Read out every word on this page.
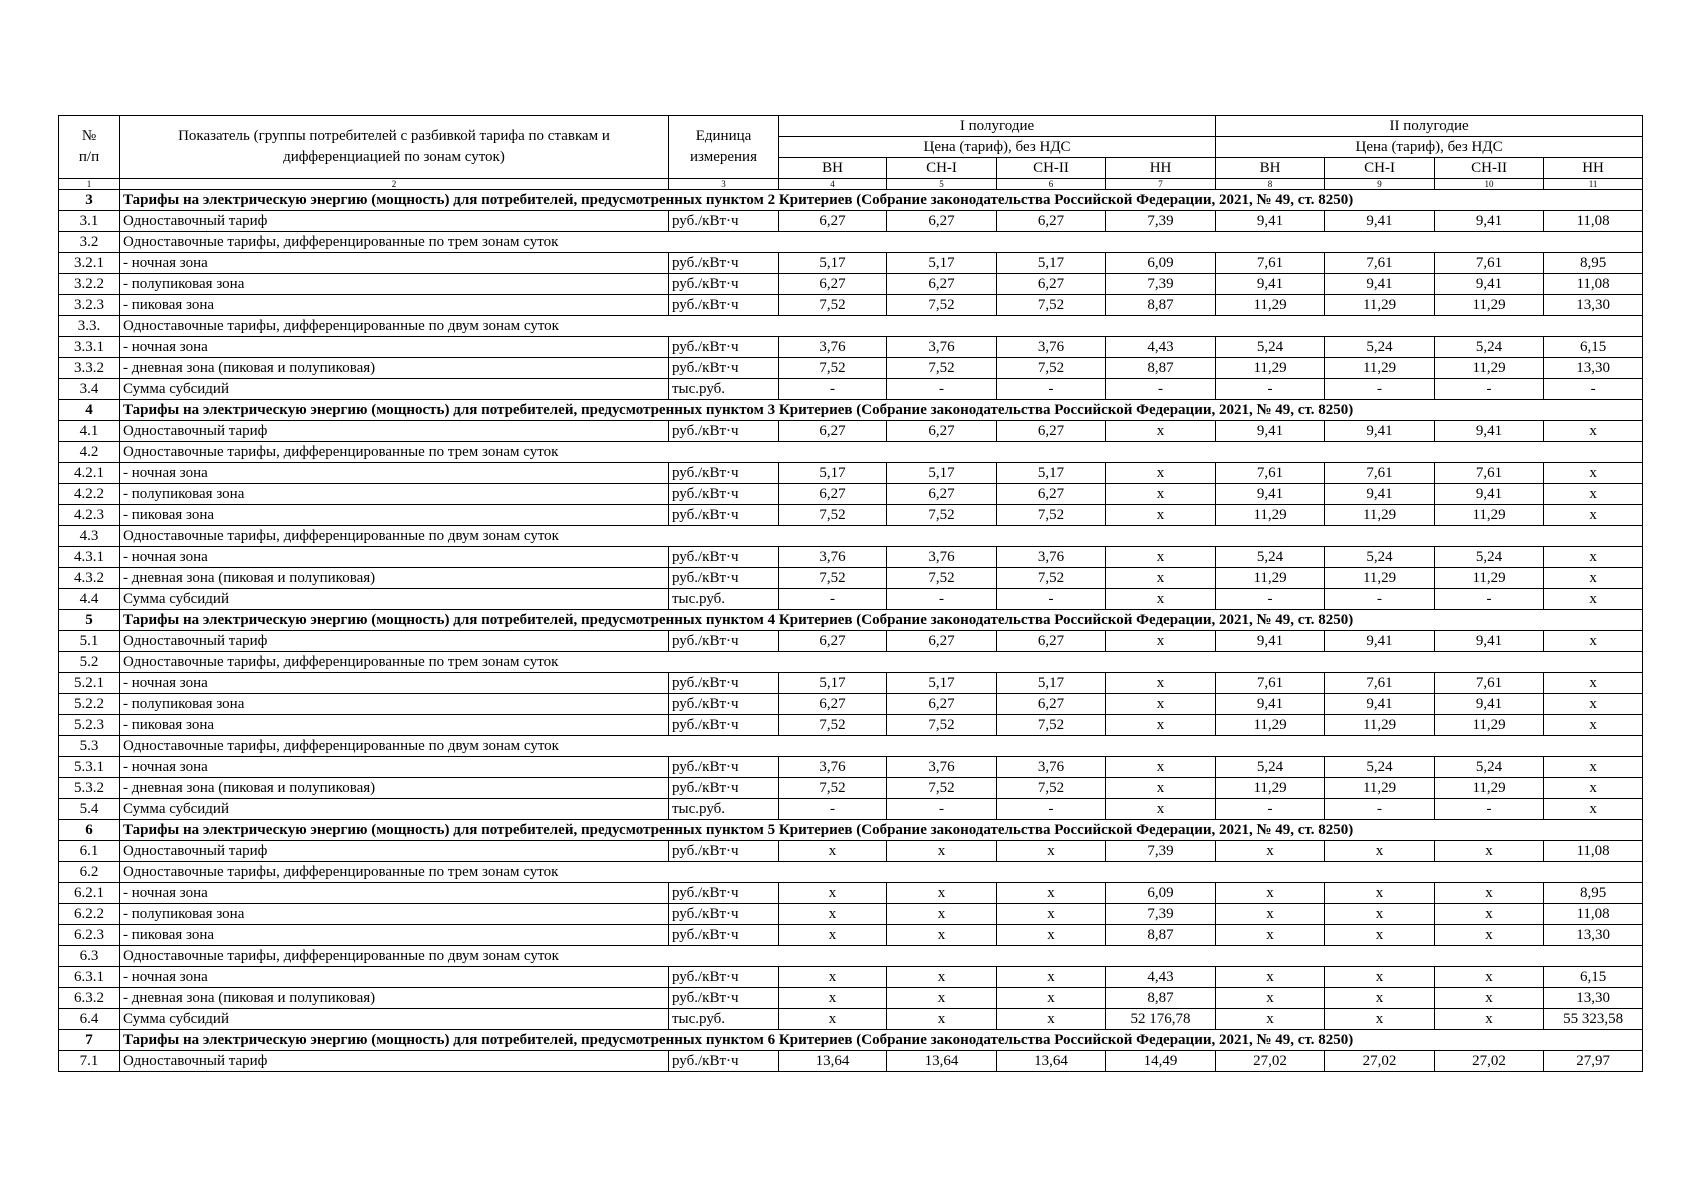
№
п/п	Показатель (группы потребителей с разбивкой тарифа по ставкам и дифференциацией по зонам суток)	Единица измерения	I полугодие				II полугодие			
			Цена (тариф), без НДС				Цена (тариф), без НДС			
			ВН	СН-I	СН-II	НН	ВН	СН-I	СН-II	НН
1	2	3	4	5	6	7	8	9	10	11
3	Тарифы на электрическую энергию (мощность) для потребителей, предусмотренных пунктом 2 Критериев (Собрание законодательства Российской Федерации, 2021, № 49, ст. 8250)									
3.1	Одноставочный тариф	руб./кВт·ч	6,27	6,27	6,27	7,39	9,41	9,41	9,41	11,08
3.2	Одноставочные тарифы, дифференцированные по трем зонам суток									
3.2.1	- ночная зона	руб./кВт·ч	5,17	5,17	5,17	6,09	7,61	7,61	7,61	8,95
3.2.2	- полупиковая зона	руб./кВт·ч	6,27	6,27	6,27	7,39	9,41	9,41	9,41	11,08
3.2.3	- пиковая зона	руб./кВт·ч	7,52	7,52	7,52	8,87	11,29	11,29	11,29	13,30
3.3.	Одноставочные тарифы, дифференцированные по двум зонам суток									
3.3.1	- ночная зона	руб./кВт·ч	3,76	3,76	3,76	4,43	5,24	5,24	5,24	6,15
3.3.2	- дневная зона (пиковая и полупиковая)	руб./кВт·ч	7,52	7,52	7,52	8,87	11,29	11,29	11,29	13,30
3.4	Сумма субсидий	тыс.руб.	-	-	-	-	-	-	-	-
4	Тарифы на электрическую энергию (мощность) для потребителей, предусмотренных пунктом 3 Критериев (Собрание законодательства Российской Федерации, 2021, № 49, ст. 8250)									
4.1	Одноставочный тариф	руб./кВт·ч	6,27	6,27	6,27	x	9,41	9,41	9,41	x
4.2	Одноставочные тарифы, дифференцированные по трем зонам суток									
4.2.1	- ночная зона	руб./кВт·ч	5,17	5,17	5,17	x	7,61	7,61	7,61	x
4.2.2	- полупиковая зона	руб./кВт·ч	6,27	6,27	6,27	x	9,41	9,41	9,41	x
4.2.3	- пиковая зона	руб./кВт·ч	7,52	7,52	7,52	x	11,29	11,29	11,29	x
4.3	Одноставочные тарифы, дифференцированные по двум зонам суток									
4.3.1	- ночная зона	руб./кВт·ч	3,76	3,76	3,76	x	5,24	5,24	5,24	x
4.3.2	- дневная зона (пиковая и полупиковая)	руб./кВт·ч	7,52	7,52	7,52	x	11,29	11,29	11,29	x
4.4	Сумма субсидий	тыс.руб.	-	-	-	x	-	-	-	x
5	Тарифы на электрическую энергию (мощность) для потребителей, предусмотренных пунктом 4 Критериев (Собрание законодательства Российской Федерации, 2021, № 49, ст. 8250)									
5.1	Одноставочный тариф	руб./кВт·ч	6,27	6,27	6,27	x	9,41	9,41	9,41	x
5.2	Одноставочные тарифы, дифференцированные по трем зонам суток									
5.2.1	- ночная зона	руб./кВт·ч	5,17	5,17	5,17	x	7,61	7,61	7,61	x
5.2.2	- полупиковая зона	руб./кВт·ч	6,27	6,27	6,27	x	9,41	9,41	9,41	x
5.2.3	- пиковая зона	руб./кВт·ч	7,52	7,52	7,52	x	11,29	11,29	11,29	x
5.3	Одноставочные тарифы, дифференцированные по двум зонам суток									
5.3.1	- ночная зона	руб./кВт·ч	3,76	3,76	3,76	x	5,24	5,24	5,24	x
5.3.2	- дневная зона (пиковая и полупиковая)	руб./кВт·ч	7,52	7,52	7,52	x	11,29	11,29	11,29	x
5.4	Сумма субсидий	тыс.руб.	-	-	-	x	-	-	-	x
6	Тарифы на электрическую энергию (мощность) для потребителей, предусмотренных пунктом 5 Критериев (Собрание законодательства Российской Федерации, 2021, № 49, ст. 8250)									
6.1	Одноставочный тариф	руб./кВт·ч	x	x	x	7,39	x	x	x	11,08
6.2	Одноставочные тарифы, дифференцированные по трем зонам суток									
6.2.1	- ночная зона	руб./кВт·ч	x	x	x	6,09	x	x	x	8,95
6.2.2	- полупиковая зона	руб./кВт·ч	x	x	x	7,39	x	x	x	11,08
6.2.3	- пиковая зона	руб./кВт·ч	x	x	x	8,87	x	x	x	13,30
6.3	Одноставочные тарифы, дифференцированные по двум зонам суток									
6.3.1	- ночная зона	руб./кВт·ч	x	x	x	4,43	x	x	x	6,15
6.3.2	- дневная зона (пиковая и полупиковая)	руб./кВт·ч	x	x	x	8,87	x	x	x	13,30
6.4	Сумма субсидий	тыс.руб.	x	x	x	52 176,78	x	x	x	55 323,58
7	Тарифы на электрическую энергию (мощность) для потребителей, предусмотренных пунктом 6 Критериев (Собрание законодательства Российской Федерации, 2021, № 49, ст. 8250)									
7.1	Одноставочный тариф	руб./кВт·ч	13,64	13,64	13,64	14,49	27,02	27,02	27,02	27,97
